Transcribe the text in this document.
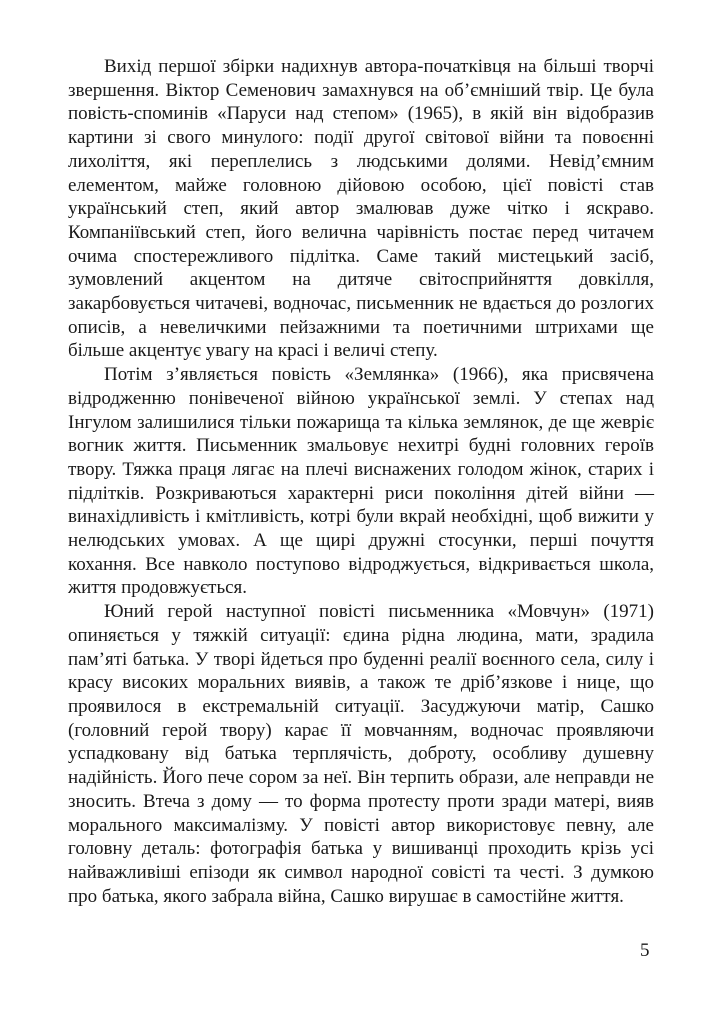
Вихід першої збірки надихнув автора-початківця на більші творчі звершення. Віктор Семенович замахнувся на об’ємніший твір. Це була повість-споминів «Паруси над степом» (1965), в якій він відобразив картини зі свого минулого: події другої світової війни та повоєнні лихоліття, які переплелись з людськими долями. Невід’ємним елементом, майже головною дійовою особою, цієї повісті став український степ, який автор змалював дуже чітко і яскраво. Компаніївський степ, його велична чарівність постає перед читачем очима спостережливого підлітка. Саме такий мистецький засіб, зумовлений акцентом на дитяче світосприйняття довкілля, закарбовується читачеві, водночас, письменник не вдається до розлогих описів, а невеличкими пейзажними та поетичними штрихами ще більше акцентує увагу на красі і величі степу.

Потім з’являється повість «Землянка» (1966), яка присвячена відродженню понівеченої війною української землі. У степах над Інгулом залишилися тільки пожарища та кілька землянок, де ще жевріє вогник життя. Письменник змальовує нехитрі будні головних героїв твору. Тяжка праця лягає на плечі виснажених голодом жінок, старих і підлітків. Розкриваються характерні риси покоління дітей війни — винахідливість і кмітливість, котрі були вкрай необхідні, щоб вижити у нелюдських умовах. А ще щирі дружні стосунки, перші почуття кохання. Все навколо поступово відроджується, відкривається школа, життя продовжується.

Юний герой наступної повісті письменника «Мовчун» (1971) опиняється у тяжкій ситуації: єдина рідна людина, мати, зрадила пам’яті батька. У творі йдеться про буденні реалії воєнного села, силу і красу високих моральних виявів, а також те дріб’язкове і нице, що проявилося в екстремальній ситуації. Засуджуючи матір, Сашко (головний герой твору) карає її мовчанням, водночас проявляючи успадковану від батька терплячість, доброту, особливу душевну надійність. Його пече сором за неї. Він терпить образи, але неправди не зносить. Втеча з дому — то форма протесту проти зради матері, вияв морального максималізму. У повісті автор використовує певну, але головну деталь: фотографія батька у вишиванці проходить крізь усі найважливіші епізоди як символ народної совісті та честі. З думкою про батька, якого забрала війна, Сашко вирушає в самостійне життя.

5
